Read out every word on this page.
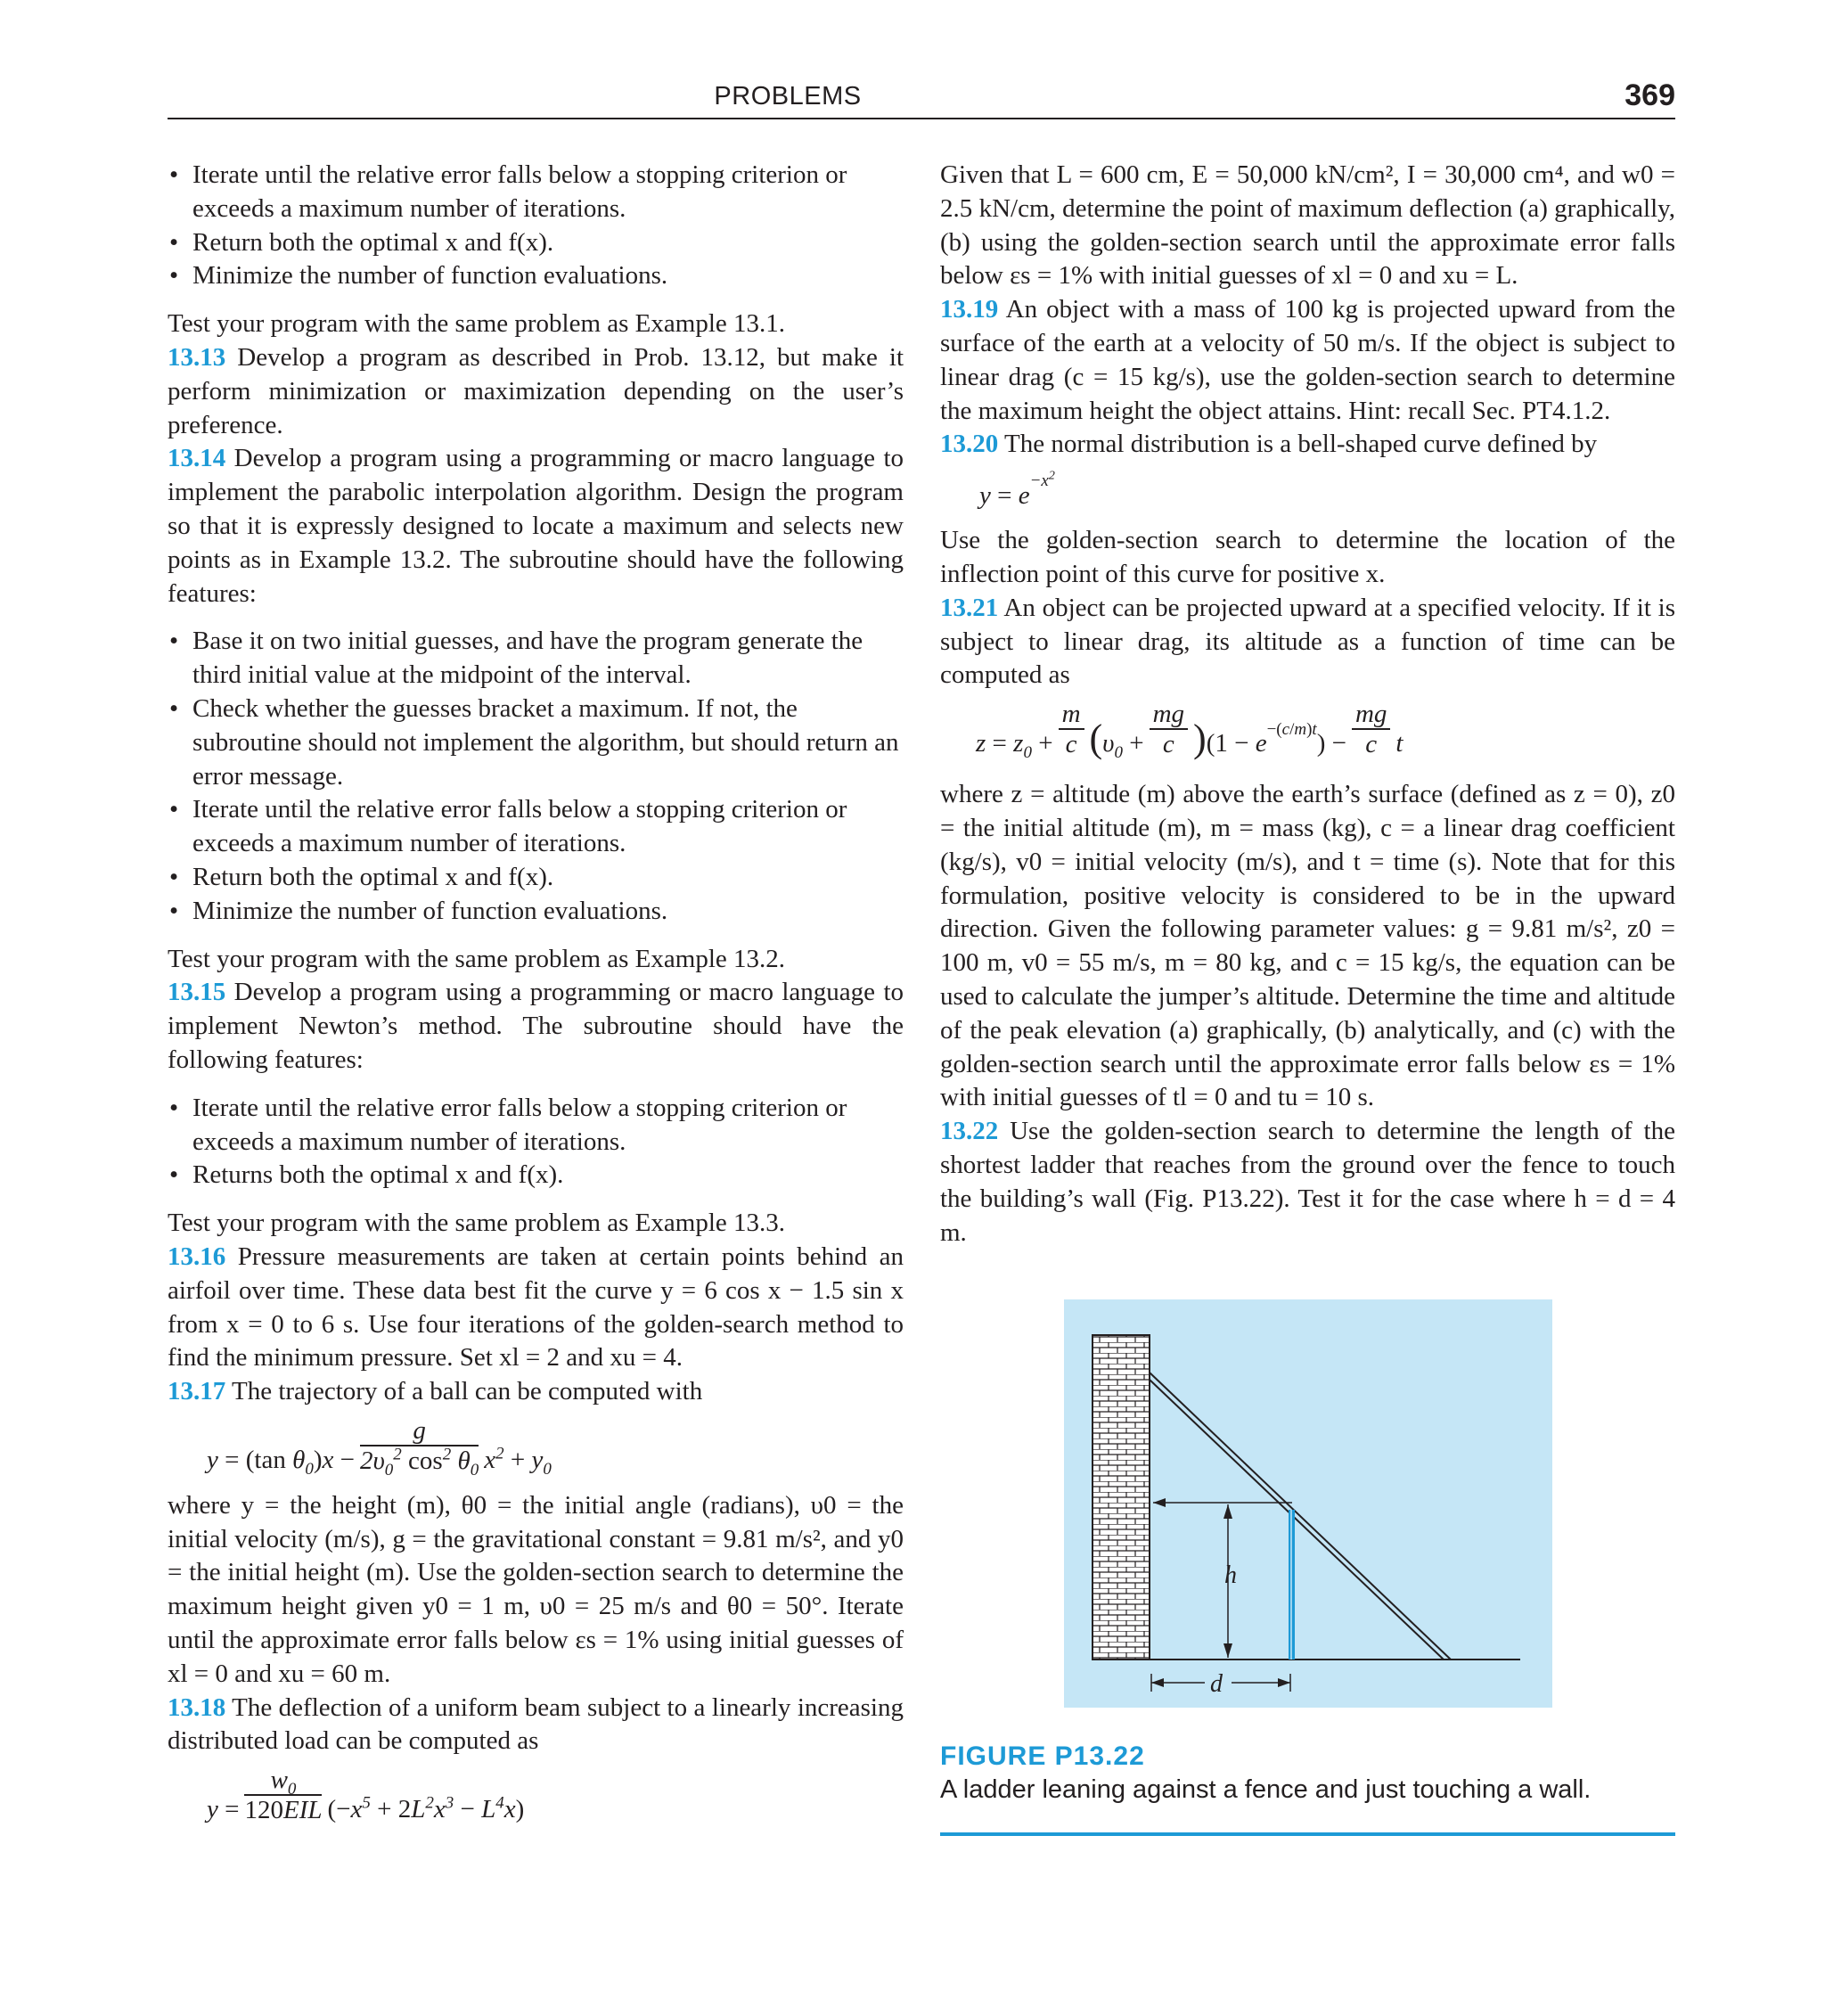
PROBLEMS	369
• Iterate until the relative error falls below a stopping criterion or exceeds a maximum number of iterations.
• Return both the optimal x and f(x).
• Minimize the number of function evaluations.

Test your program with the same problem as Example 13.1.

13.13 Develop a program as described in Prob. 13.12, but make it perform minimization or maximization depending on the user’s preference.

13.14 Develop a program using a programming or macro language to implement the parabolic interpolation algorithm. Design the program so that it is expressly designed to locate a maximum and selects new points as in Example 13.2. The subroutine should have the following features:

• Base it on two initial guesses, and have the program generate the third initial value at the midpoint of the interval.
• Check whether the guesses bracket a maximum. If not, the subroutine should not implement the algorithm, but should return an error message.
• Iterate until the relative error falls below a stopping criterion or exceeds a maximum number of iterations.
• Return both the optimal x and f(x).
• Minimize the number of function evaluations.

Test your program with the same problem as Example 13.2.

13.15 Develop a program using a programming or macro language to implement Newton’s method. The subroutine should have the following features:

• Iterate until the relative error falls below a stopping criterion or exceeds a maximum number of iterations.
• Returns both the optimal x and f(x).

Test your program with the same problem as Example 13.3.

13.16 Pressure measurements are taken at certain points behind an airfoil over time. These data best fit the curve y = 6 cos x − 1.5 sin x from x = 0 to 6 s. Use four iterations of the golden-search method to find the minimum pressure. Set xl = 2 and xu = 4.

13.17 The trajectory of a ball can be computed with

y = (tan $\theta_0)x - \frac{g}{2\upsilon_0^2 \cos^2 \theta_0} x^2 + y_0$

where y = the height (m), θ0 = the initial angle (radians), υ0 = the initial velocity (m/s), g = the gravitational constant = 9.81 m/s², and y0 = the initial height (m). Use the golden-section search to determine the maximum height given y0 = 1 m, υ0 = 25 m/s and θ0 = 50°. Iterate until the approximate error falls below εs = 1% using initial guesses of xl = 0 and xu = 60 m.

13.18 The deflection of a uniform beam subject to a linearly increasing distributed load can be computed as

$y = \frac{w_0}{\text{120EIL}} (-x^5 + 2L^2x^3 - L^4x)$

Given that L = 600 cm, E = 50,000 kN/cm², I = 30,000 cm⁴, and w0 = 2.5 kN/cm, determine the point of maximum deflection (a) graphically, (b) using the golden-section search until the approximate error falls below εs = 1% with initial guesses of xl = 0 and xu = L.

13.19 An object with a mass of 100 kg is projected upward from the surface of the earth at a velocity of 50 m/s. If the object is subject to linear drag (c = 15 kg/s), use the golden-section search to determine the maximum height the object attains. Hint: recall Sec. PT4.1.2.

13.20 The normal distribution is a bell-shaped curve defined by

$y = e^{-x^2}$

Use the golden-section search to determine the location of the inflection point of this curve for positive x.

13.21 An object can be projected upward at a specified velocity. If it is subject to linear drag, its altitude as a function of time can be computed as

$z = z_0 + \frac{m}{c} (\upsilon_0 + \frac{mg}{c} )(1 - e^{-(c/m)t}) - \frac{mg}{c}$ t

where z = altitude (m) above the earth’s surface (defined as z = 0), z0 = the initial altitude (m), m = mass (kg), c = a linear drag coefficient (kg/s), v0 = initial velocity (m/s), and t = time (s). Note that for this formulation, positive velocity is considered to be in the upward direction. Given the following parameter values: g = 9.81 m/s², z0 = 100 m, v0 = 55 m/s, m = 80 kg, and c = 15 kg/s, the equation can be used to calculate the jumper’s altitude. Determine the time and altitude of the peak elevation (a) graphically, (b) analytically, and (c) with the golden-section search until the approximate error falls below εs = 1% with initial guesses of tl = 0 and tu = 10 s.

13.22 Use the golden-section search to determine the length of the shortest ladder that reaches from the ground over the fence to touch the building’s wall (Fig. P13.22). Test it for the case where h = d = 4 m.

h
d
FIGURE P13.22
A ladder leaning against a fence and just touching a wall.
